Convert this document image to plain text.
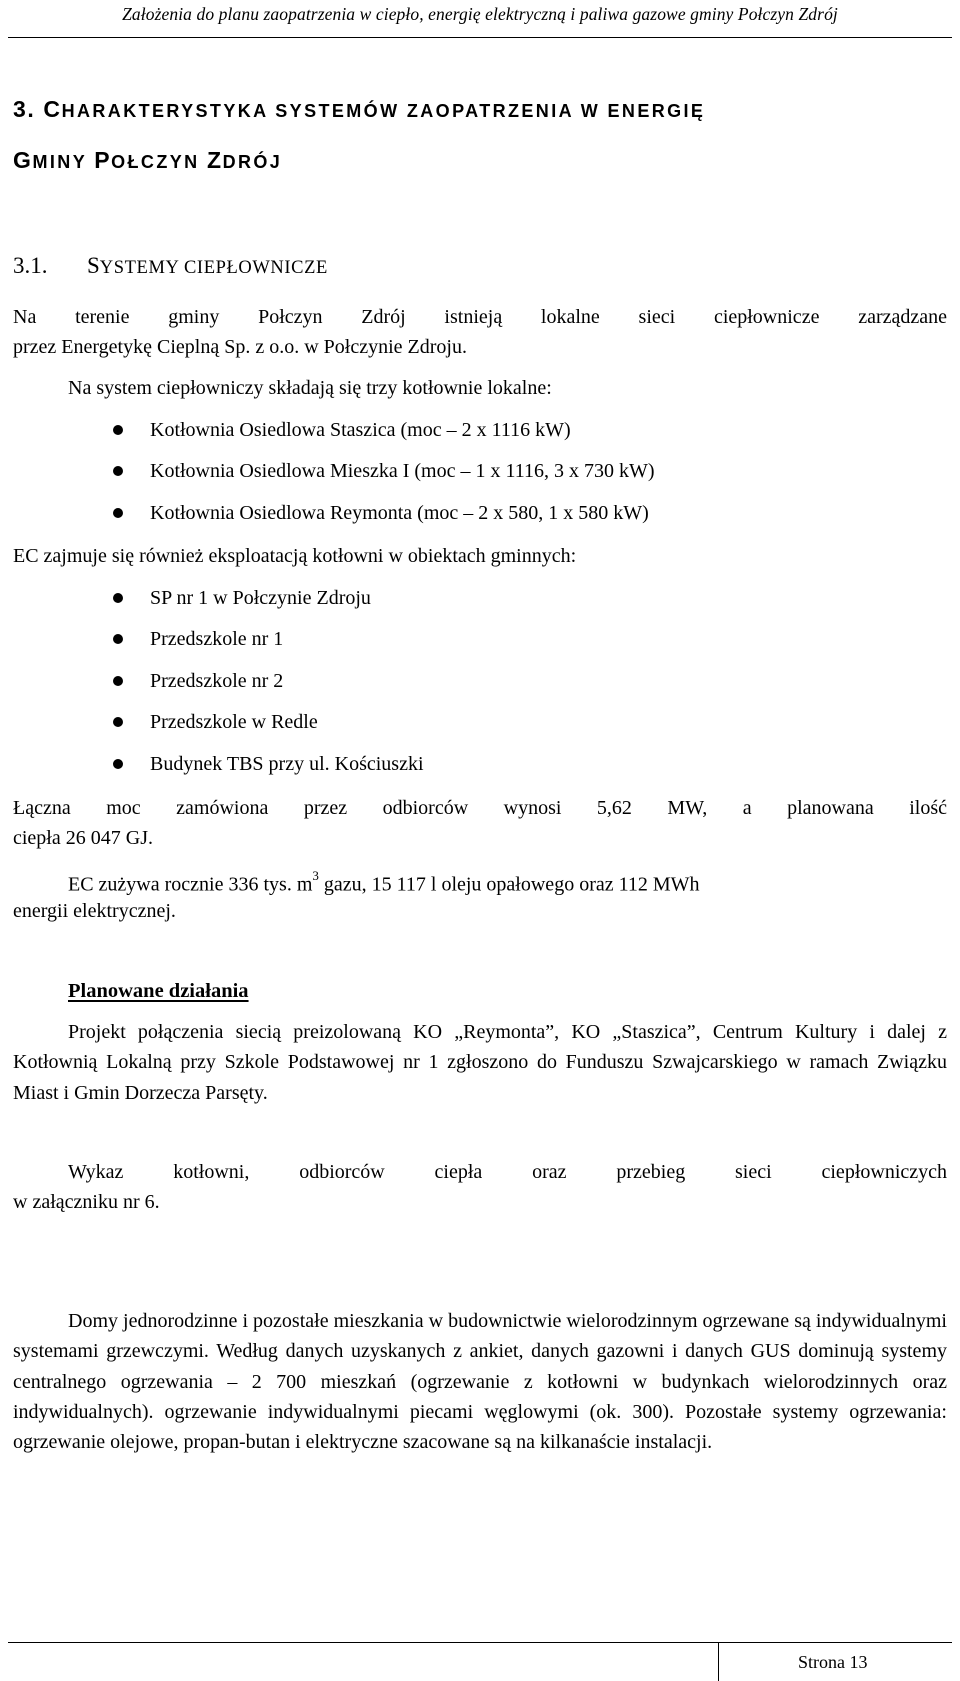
Założenia do planu zaopatrzenia w ciepło, energię elektryczną i paliwa gazowe gminy Połczyn Zdrój
3. CHARAKTERYSTYKA SYSTEMÓW ZAOPATRZENIA W ENERGIĘ
GMINY POŁCZYN ZDRÓJ
3.1. SYSTEMY CIEPŁOWNICZE
Na terenie gminy Połczyn Zdrój istnieją lokalne sieci ciepłownicze zarządzane
przez Energetykę Cieplną Sp. z o.o. w Połczynie Zdroju.
Na system ciepłowniczy składają się trzy kotłownie lokalne:
Kotłownia Osiedlowa Staszica (moc – 2 x 1116 kW)
Kotłownia Osiedlowa Mieszka I (moc – 1 x 1116, 3 x 730 kW)
Kotłownia Osiedlowa Reymonta (moc – 2 x 580, 1 x 580 kW)
EC zajmuje się również eksploatacją kotłowni w obiektach gminnych:
SP nr 1 w Połczynie Zdroju
Przedszkole nr 1
Przedszkole nr 2
Przedszkole w Redle
Budynek TBS przy ul. Kościuszki
Łączna moc zamówiona przez odbiorców wynosi 5,62 MW, a planowana ilość
ciepła 26 047 GJ.
EC zużywa rocznie 336 tys. $m^3$ gazu, 15 117 l oleju opałowego oraz 112 MWh
energii elektrycznej.
Planowane działania
Projekt połączenia siecią preizolowaną KO „Reymonta”, KO „Staszica”, Centrum Kultury i dalej z Kotłownią Lokalną przy Szkole Podstawowej nr 1 zgłoszono do Funduszu Szwajcarskiego w ramach Związku Miast i Gmin Dorzecza Parsęty.
Wykaz kotłowni, odbiorców ciepła oraz przebieg sieci ciepłowniczych
w załączniku nr 6.
Domy jednorodzinne i pozostałe mieszkania w budownictwie wielorodzinnym ogrzewane są indywidualnymi systemami grzewczymi. Według danych uzyskanych z ankiet, danych gazowni i danych GUS dominują systemy centralnego ogrzewania – 2 700 mieszkań (ogrzewanie z kotłowni w budynkach wielorodzinnych oraz indywidualnych). ogrzewanie indywidualnymi piecami węglowymi (ok. 300). Pozostałe systemy ogrzewania: ogrzewanie olejowe, propan-butan i elektryczne szacowane są na kilkanaście instalacji.
Strona 13
